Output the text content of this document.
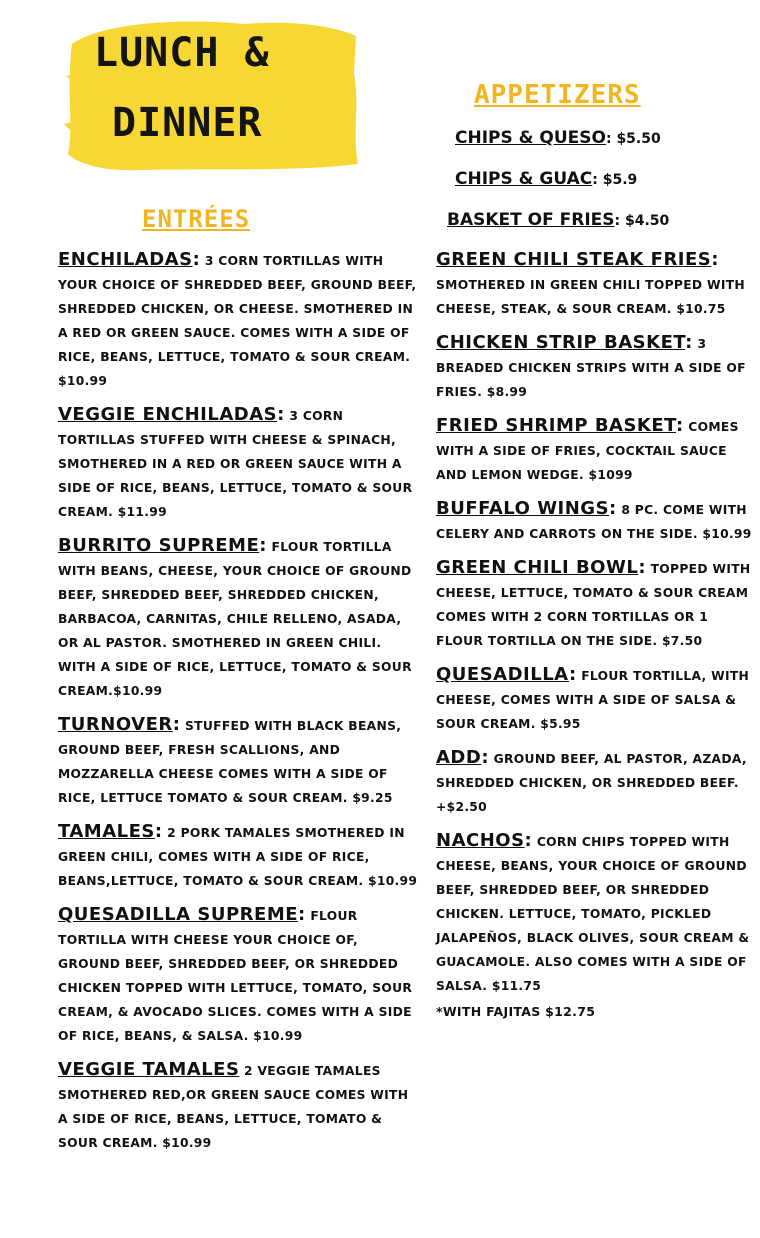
LUNCH &
DINNER
APPETIZERS
ENTRÉES
CHIPS & QUESO: $5.50
CHIPS & GUAC: $5.9
BASKET OF FRIES: $4.50
ENCHILADAS: 3 CORN TORTILLAS WITH YOUR CHOICE OF SHREDDED BEEF, GROUND BEEF, SHREDDED CHICKEN, OR CHEESE. SMOTHERED IN A RED OR GREEN SAUCE. COMES WITH A SIDE OF RICE, BEANS, LETTUCE, TOMATO & SOUR CREAM. $10.99
VEGGIE ENCHILADAS: 3 CORN TORTILLAS STUFFED WITH CHEESE & SPINACH, SMOTHERED IN A RED OR GREEN SAUCE WITH A SIDE OF RICE, BEANS, LETTUCE, TOMATO & SOUR CREAM. $11.99
BURRITO SUPREME: FLOUR TORTILLA WITH BEANS, CHEESE, YOUR CHOICE OF GROUND BEEF, SHREDDED BEEF, SHREDDED CHICKEN, BARBACOA, CARNITAS, CHILE RELLENO, ASADA, OR AL PASTOR. SMOTHERED IN GREEN CHILI. WITH A SIDE OF RICE, LETTUCE, TOMATO & SOUR CREAM.$10.99
TURNOVER: STUFFED WITH BLACK BEANS, GROUND BEEF, FRESH SCALLIONS, AND MOZZARELLA CHEESE COMES WITH A SIDE OF RICE, LETTUCE TOMATO & SOUR CREAM. $9.25
TAMALES: 2 PORK TAMALES SMOTHERED IN GREEN CHILI, COMES WITH A SIDE OF RICE, BEANS,LETTUCE, TOMATO & SOUR CREAM. $10.99
QUESADILLA SUPREME: FLOUR TORTILLA WITH CHEESE YOUR CHOICE OF, GROUND BEEF, SHREDDED BEEF, OR SHREDDED CHICKEN TOPPED WITH LETTUCE, TOMATO, SOUR CREAM, & AVOCADO SLICES. COMES WITH A SIDE OF RICE, BEANS, & SALSA. $10.99
VEGGIE TAMALES 2 VEGGIE TAMALES SMOTHERED RED,OR GREEN SAUCE COMES WITH A SIDE OF RICE, BEANS, LETTUCE, TOMATO & SOUR CREAM. $10.99
GREEN CHILI STEAK FRIES: SMOTHERED IN GREEN CHILI TOPPED WITH CHEESE, STEAK, & SOUR CREAM. $10.75
CHICKEN STRIP BASKET: 3 BREADED CHICKEN STRIPS WITH A SIDE OF FRIES. $8.99
FRIED SHRIMP BASKET: COMES WITH A SIDE OF FRIES, COCKTAIL SAUCE AND LEMON WEDGE. $1099
BUFFALO WINGS: 8 PC. COME WITH CELERY AND CARROTS ON THE SIDE. $10.99
GREEN CHILI BOWL: TOPPED WITH CHEESE, LETTUCE, TOMATO & SOUR CREAM COMES WITH 2 CORN TORTILLAS OR 1 FLOUR TORTILLA ON THE SIDE. $7.50
QUESADILLA: FLOUR TORTILLA, WITH CHEESE, COMES WITH A SIDE OF SALSA & SOUR CREAM. $5.95
ADD: GROUND BEEF, AL PASTOR, AZADA, SHREDDED CHICKEN, OR SHREDDED BEEF. +$2.50
NACHOS: CORN CHIPS TOPPED WITH CHEESE, BEANS, YOUR CHOICE OF GROUND BEEF, SHREDDED BEEF, OR SHREDDED CHICKEN. LETTUCE, TOMATO, PICKLED JALAPEÑOS, BLACK OLIVES, SOUR CREAM & GUACAMOLE. ALSO COMES WITH A SIDE OF SALSA. $11.75
*WITH FAJITAS $12.75
